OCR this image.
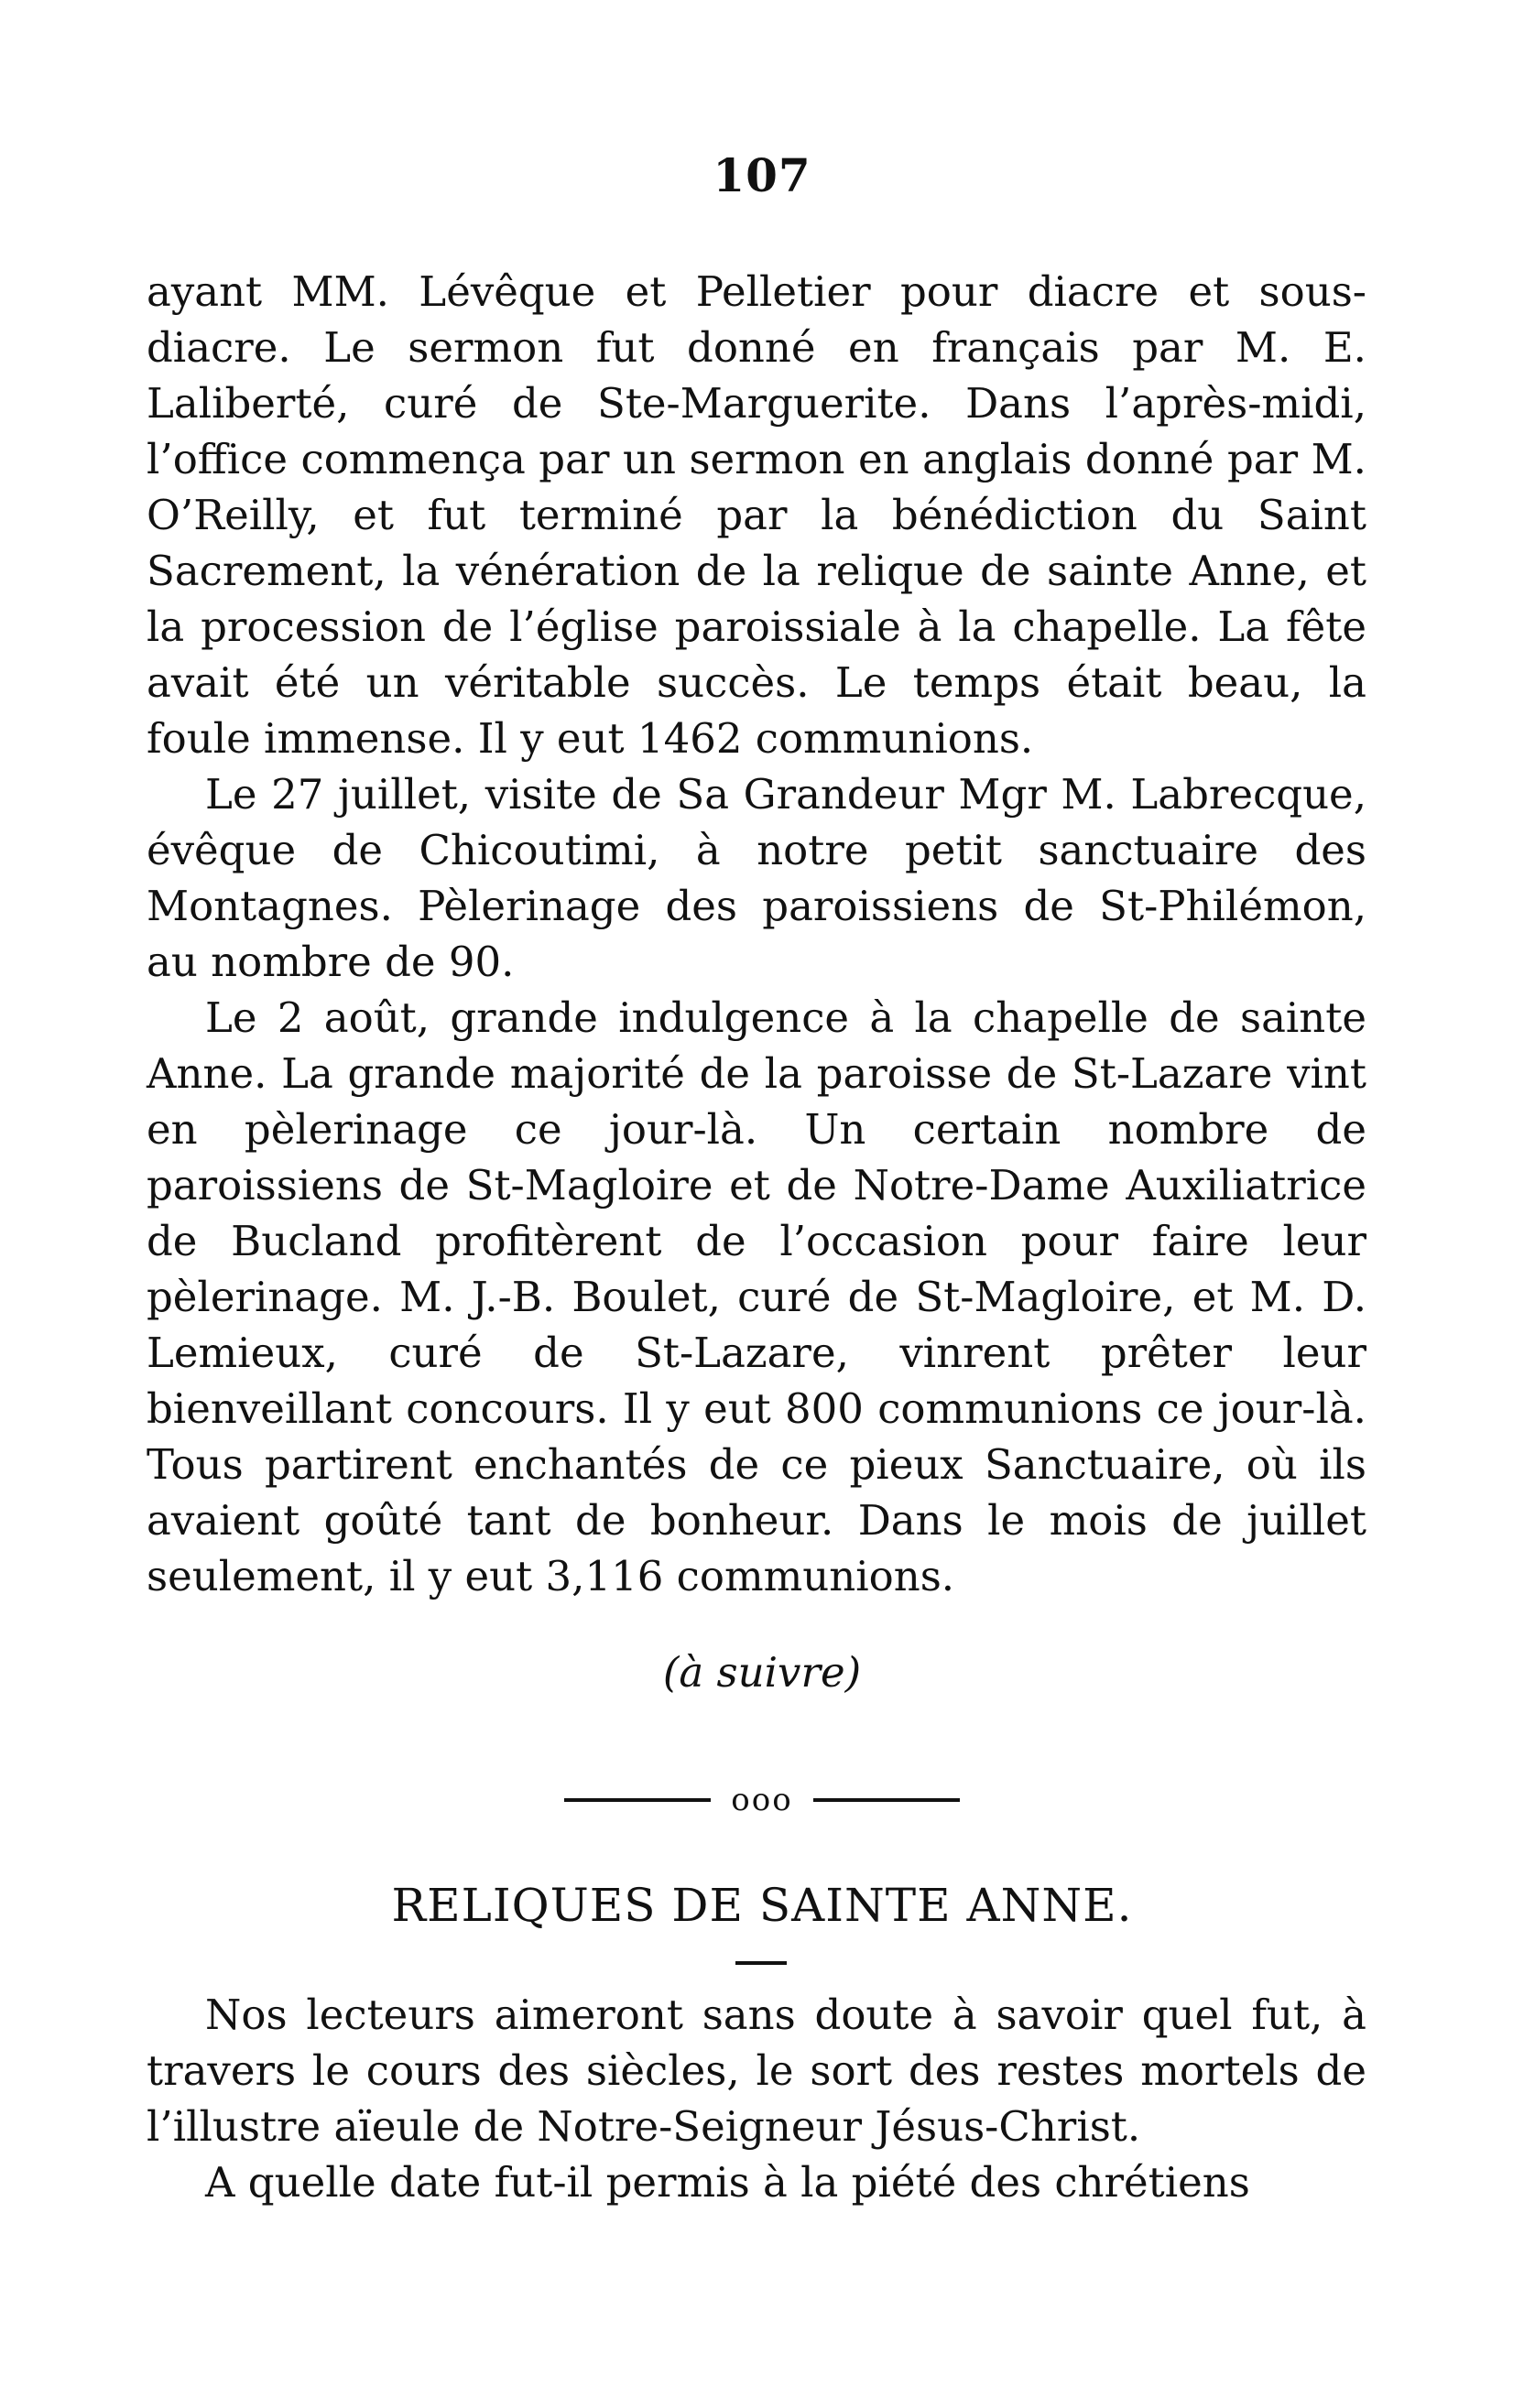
107

ayant MM. Lévêque et Pelletier pour diacre et sous-diacre. Le sermon fut donné en français par M. E. Laliberté, curé de Ste-Marguerite. Dans l’après-midi, l’office commença par un sermon en anglais donné par M. O’Reilly, et fut terminé par la bénédiction du Saint Sacrement, la vénération de la relique de sainte Anne, et la procession de l’église paroissiale à la chapelle. La fête avait été un véritable succès. Le temps était beau, la foule immense. Il y eut 1462 communions.

Le 27 juillet, visite de Sa Grandeur Mgr M. Labrecque, évêque de Chicoutimi, à notre petit sanctuaire des Montagnes. Pèlerinage des paroissiens de St-Philémon, au nombre de 90.

Le 2 août, grande indulgence à la chapelle de sainte Anne. La grande majorité de la paroisse de St-Lazare vint en pèlerinage ce jour-là. Un certain nombre de paroissiens de St-Magloire et de Notre-Dame Auxiliatrice de Bucland profitèrent de l’occasion pour faire leur pèlerinage. M. J.-B. Boulet, curé de St-Magloire, et M. D. Lemieux, curé de St-Lazare, vinrent prêter leur bienveillant concours. Il y eut 800 communions ce jour-là. Tous partirent enchantés de ce pieux Sanctuaire, où ils avaient goûté tant de bonheur. Dans le mois de juillet seulement, il y eut 3,116 communions.

(à suivre)
ooo
RELIQUES DE SAINTE ANNE.

Nos lecteurs aimeront sans doute à savoir quel fut, à travers le cours des siècles, le sort des restes mortels de l’illustre aïeule de Notre-Seigneur Jésus-Christ.

A quelle date fut-il permis à la piété des chrétiens
